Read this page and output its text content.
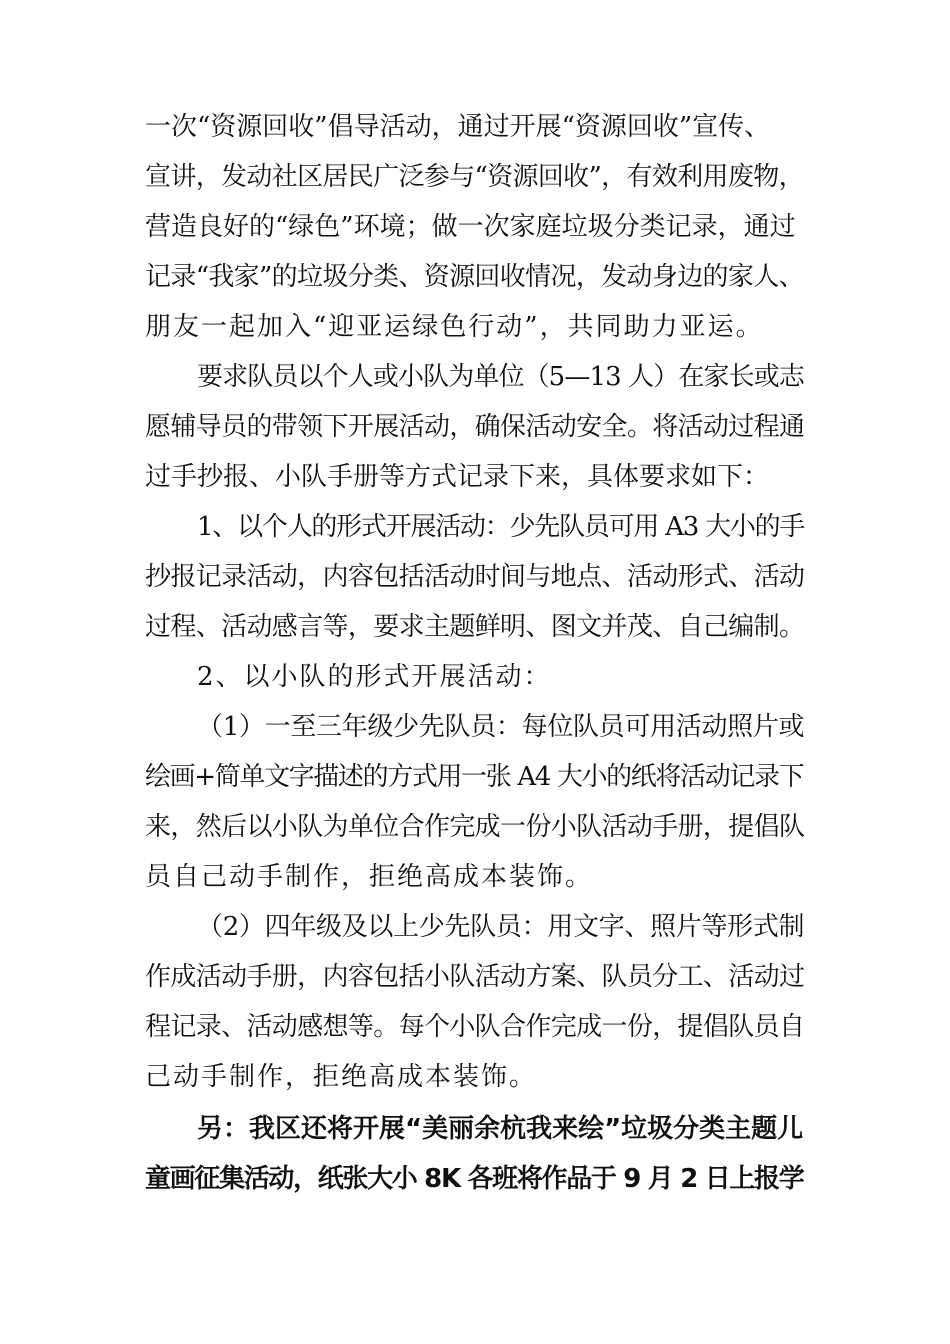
一次“资源回收”倡导活动，通过开展“资源回收”宣传、
宣讲，发动社区居民广泛参与“资源回收”，有效利用废物，
营造良好的“绿色”环境；做一次家庭垃圾分类记录，通过
记录“我家”的垃圾分类、资源回收情况，发动身边的家人、
朋友一起加入“迎亚运绿色行动”，共同助力亚运。
要求队员以个人或小队为单位（5—13 人）在家长或志
愿辅导员的带领下开展活动，确保活动安全。将活动过程通
过手抄报、小队手册等方式记录下来，具体要求如下：
1、以个人的形式开展活动：少先队员可用 A3 大小的手
抄报记录活动，内容包括活动时间与地点、活动形式、活动
过程、活动感言等，要求主题鲜明、图文并茂、自己编制。
2、以小队的形式开展活动：
（1）一至三年级少先队员：每位队员可用活动照片或
绘画+简单文字描述的方式用一张 A4 大小的纸将活动记录下
来，然后以小队为单位合作完成一份小队活动手册，提倡队
员自己动手制作，拒绝高成本装饰。
（2）四年级及以上少先队员：用文字、照片等形式制
作成活动手册，内容包括小队活动方案、队员分工、活动过
程记录、活动感想等。每个小队合作完成一份，提倡队员自
己动手制作，拒绝高成本装饰。
另：我区还将开展“美丽余杭我来绘”垃圾分类主题儿
童画征集活动，纸张大小 8K 各班将作品于 9 月 2 日上报学
